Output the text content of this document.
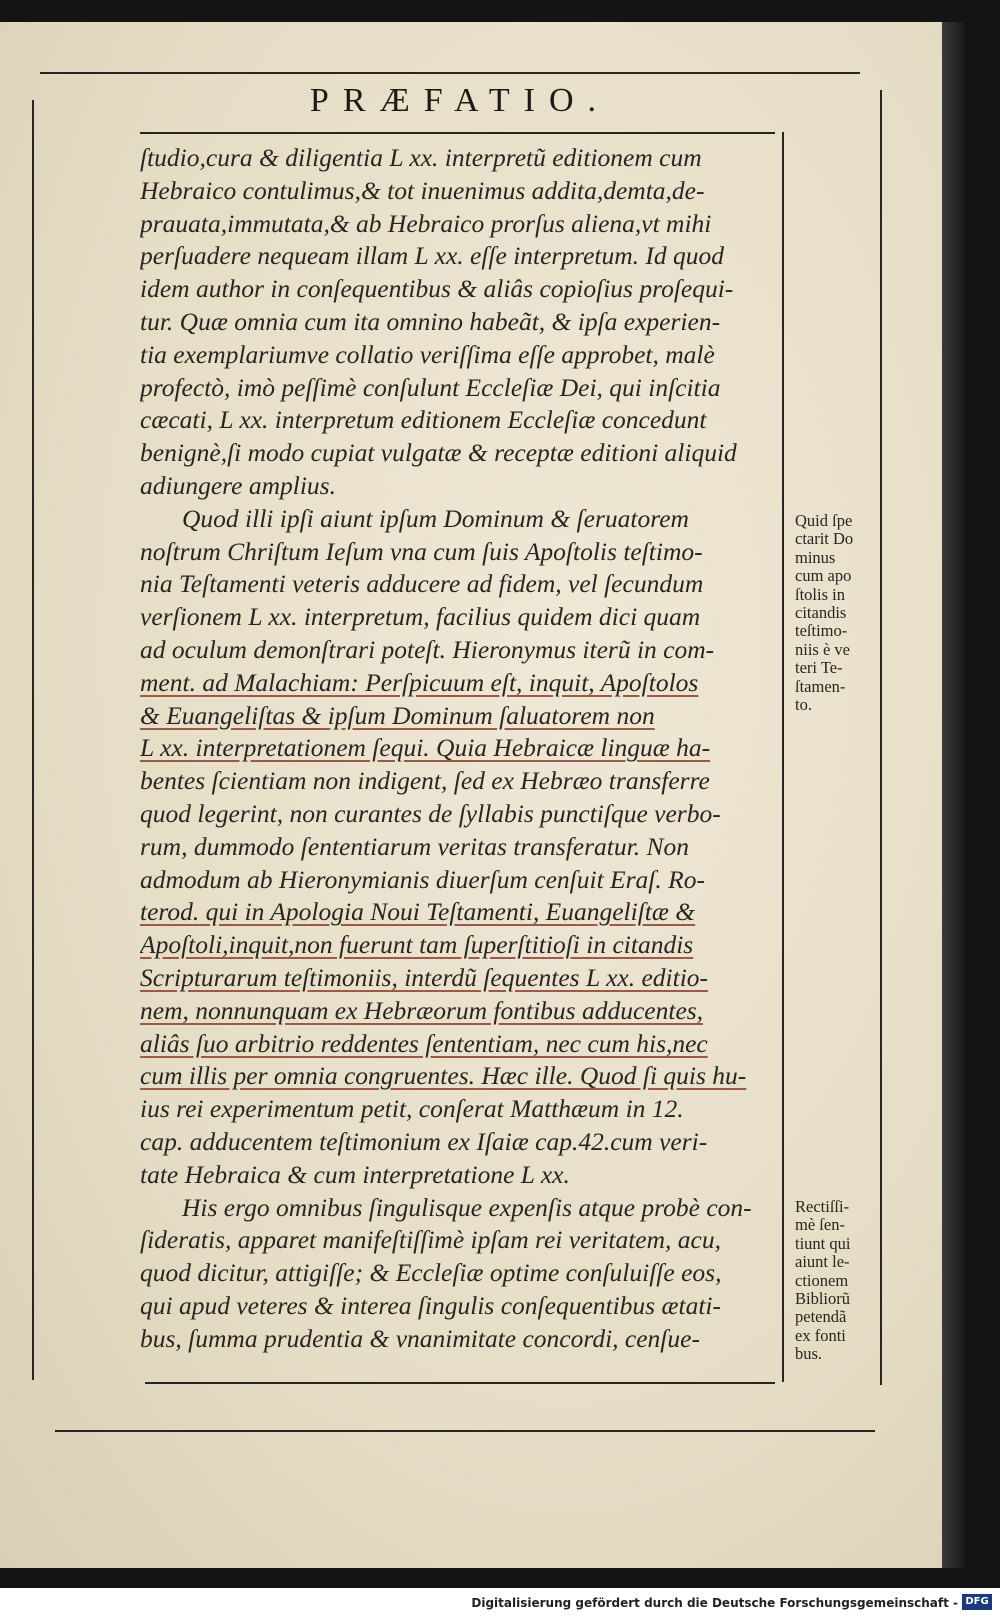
PRÆFATIO.
ſtudio,cura & diligentia L xx. interpretũ editionem cum
Hebraico contulimus,& tot inuenimus addita,demta,de-
prauata,immutata,& ab Hebraico prorſus aliena,vt mihi
perſuadere nequeam illam L xx. eſſe interpretum. Id quod
idem author in conſequentibus & aliâs copioſius proſequi-
tur. Quæ omnia cum ita omnino habeãt, & ipſa experien-
tia exemplariumve collatio veriſſima eſſe approbet, malè
profectò, imò peſſimè conſulunt Eccleſiæ Dei, qui inſcitia
cæcati, L xx. interpretum editionem Eccleſiæ concedunt
benignè,ſi modo cupiat vulgatæ & receptæ editioni aliquid
adiungere amplius.
Quod illi ipſi aiunt ipſum Dominum & ſeruatorem
noſtrum Chriſtum Ieſum vna cum ſuis Apoſtolis teſtimo-
nia Teſtamenti veteris adducere ad fidem, vel ſecundum
verſionem L xx. interpretum, facilius quidem dici quam
ad oculum demonſtrari poteſt. Hieronymus iterũ in com-
ment. ad Malachiam: Perſpicuum eſt, inquit, Apoſtolos
& Euangeliſtas & ipſum Dominum ſaluatorem non
L xx. interpretationem ſequi. Quia Hebraicæ linguæ ha-
bentes ſcientiam non indigent, ſed ex Hebræo transferre
quod legerint, non curantes de ſyllabis punctiſque verbo-
rum, dummodo ſententiarum veritas transferatur. Non
admodum ab Hieronymianis diuerſum cenſuit Eraſ. Ro-
terod. qui in Apologia Noui Teſtamenti, Euangeliſtæ &
Apoſtoli,inquit,non fuerunt tam ſuperſtitioſi in citandis
Scripturarum teſtimoniis, interdũ ſequentes L xx. editio-
nem, nonnunquam ex Hebræorum fontibus adducentes,
aliâs ſuo arbitrio reddentes ſententiam, nec cum his,nec
cum illis per omnia congruentes. Hæc ille. Quod ſi quis hu-
ius rei experimentum petit, conſerat Matthæum in 12.
cap. adducentem teſtimonium ex Iſaiæ cap.42.cum veri-
tate Hebraica & cum interpretatione L xx.
His ergo omnibus ſingulisque expenſis atque probè con-
ſideratis, apparet manifeſtiſſimè ipſam rei veritatem, acu,
quod dicitur, attigiſſe; & Eccleſiæ optime conſuluiſſe eos,
qui apud veteres & interea ſingulis conſequentibus ætati-
bus, ſumma prudentia & vnanimitate concordi, cenſue-
Quid ſpe
ctarit Do
minus
cum apo
ſtolis in
citandis
teſtimo-
niis è ve
teri Te-
ſtamen-
to.
Rectiſſi-
mè ſen-
tiunt qui
aiunt le-
ctionem
Bibliorũ
petendã
ex fonti
bus.
Digitalisierung gefördert durch die Deutsche Forschungsgemeinschaft - DFG
